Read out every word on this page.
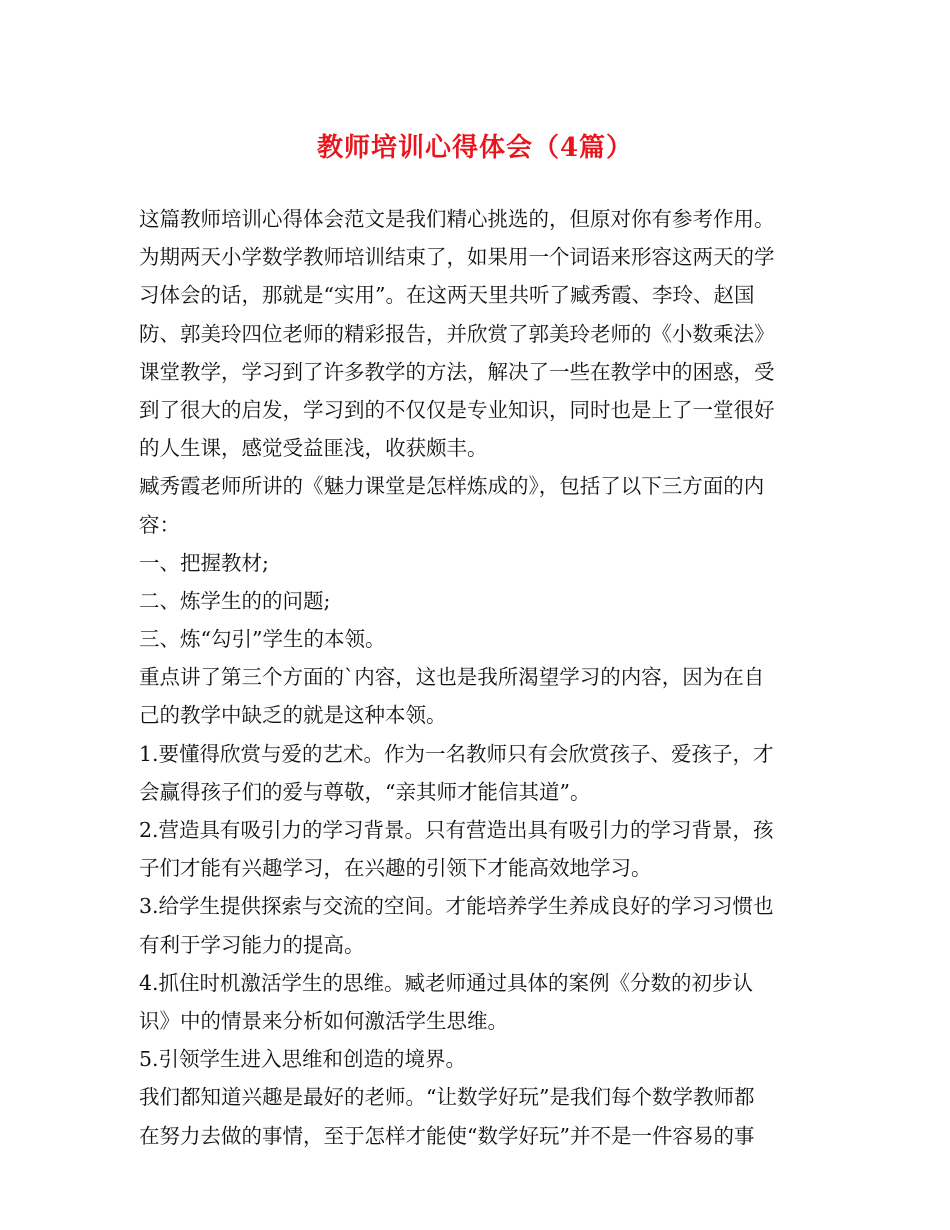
教师培训心得体会（4篇）
这篇教师培训心得体会范文是我们精心挑选的，但原对你有参考作用。
为期两天小学数学教师培训结束了，如果用一个词语来形容这两天的学
习体会的话，那就是“实用”。在这两天里共听了臧秀霞、李玲、赵国
防、郭美玲四位老师的精彩报告，并欣赏了郭美玲老师的《小数乘法》
课堂教学，学习到了许多教学的方法，解决了一些在教学中的困惑，受
到了很大的启发，学习到的不仅仅是专业知识，同时也是上了一堂很好
的人生课，感觉受益匪浅，收获颇丰。
臧秀霞老师所讲的《魅力课堂是怎样炼成的》，包括了以下三方面的内
容：
一、把握教材;
二、炼学生的的问题;
三、炼“勾引”学生的本领。
重点讲了第三个方面的`内容，这也是我所渴望学习的内容，因为在自
己的教学中缺乏的就是这种本领。
1.要懂得欣赏与爱的艺术。作为一名教师只有会欣赏孩子、爱孩子，才
会赢得孩子们的爱与尊敬，“亲其师才能信其道”。
2.营造具有吸引力的学习背景。只有营造出具有吸引力的学习背景，孩
子们才能有兴趣学习，在兴趣的引领下才能高效地学习。
3.给学生提供探索与交流的空间。才能培养学生养成良好的学习习惯也
有利于学习能力的提高。
4.抓住时机激活学生的思维。臧老师通过具体的案例《分数的初步认
识》中的情景来分析如何激活学生思维。
5.引领学生进入思维和创造的境界。
我们都知道兴趣是最好的老师。“让数学好玩”是我们每个数学教师都
在努力去做的事情，至于怎样才能使“数学好玩”并不是一件容易的事
